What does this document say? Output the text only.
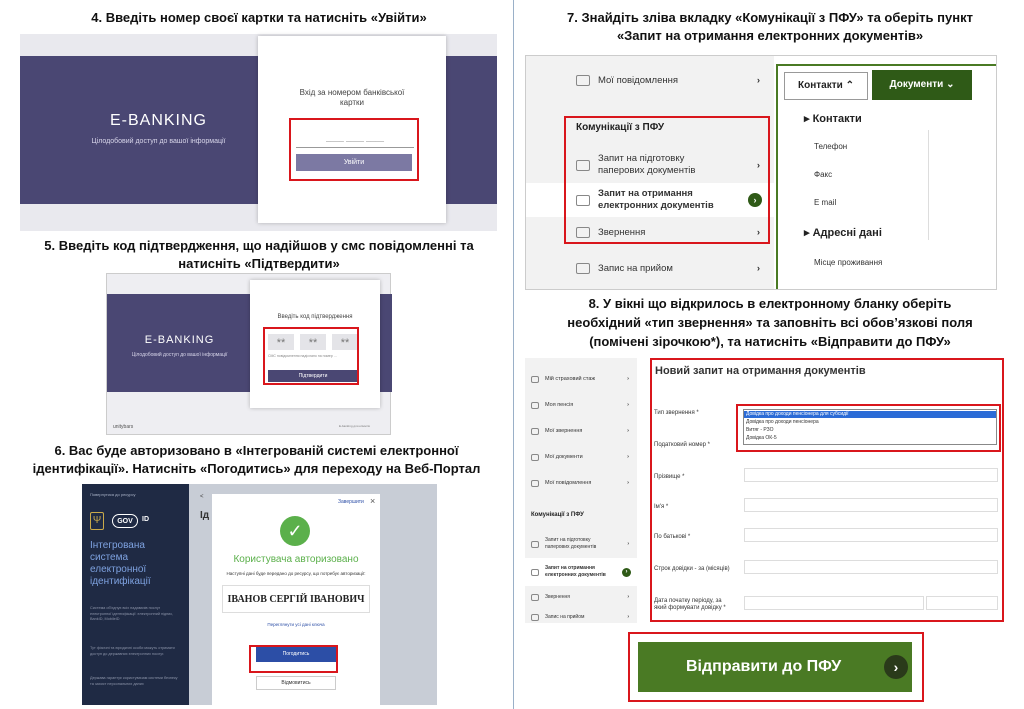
4. Введіть номер своєї картки та натисніть «Увійти»
5. Введіть код підтвердження, що надійшов у смс повідомленні та
натисніть «Підтвердити»
6. Вас буде авторизовано в «Інтегрованій системі електронної
ідентифікації». Натисніть «Погодитись» для переходу на Веб-Портал
7. Знайдіть зліва вкладку «Комунікації з ПФУ» та оберіть пункт
«Запит на отримання електронних документів»
8. У вікні що відкрилось в електронному бланку оберіть
необхідний «тип звернення» та заповніть всі обов’язкові поля
(помічені зірочкою*), та натисніть «Відправити до ПФУ»
E-BANKING
Цілодобовий доступ до вашої інформації
Вхід за номером банківської
картки
____ ____ ____
Увійти
E-BANKING
Цілодобовий доступ до вашої інформації
Введіть код підтвердження
**	**	**
СМС повідомлення надіслано на номер ...
Підтвердити
unitybars	E-banking для клієнтів
Повернутися до ресурсу
Ψ	GOV	ID
Інтегрована система електронної ідентифікації
Система об'єднує всіх надавачів послуг електронної ідентифікації: електронний підпис, BankID, MobileID
Тут фізичні та юридичні особи можуть отримати доступ до державних електронних послуг.
Держава гарантує користувачам системи безпеку та захист персональних даних
<
Ід
Завершити ×
✓
Користувача авторизовано
Наступні дані буде передано до ресурсу, що потребує авторизації:
ІВАНОВ СЕРГІЙ ІВАНОВИЧ
Переглянути усі дані ключа
Погодитись
Відмовитись
Мої повідомлення	›
Комунікації з ПФУ
Запит на підготовку
паперових документів	›
Запит на отримання
електронних документів	›
Звернення	›
Запис на прийом	›
Контакти ⌃	Документи ⌄
▸ Контакти
Телефон
Факс
E mail
▸ Адресні дані
Місце проживання
Мій страховий стаж	›
Моя пенсія	›
Мої звернення	›
Мої документи	›
Мої повідомлення	›
Комунікації з ПФУ
Запит на підготовку
паперових документів	›
Запит на отримання
електронних документів
›
Звернення	›
Запис на прийом	›
Новий запит на отримання документів
Тип звернення *
Податковий номер *
Прізвище *
Ім'я *
По батькові *
Строк довідки - за (місяців)
Дата початку періоду, за
який формувати довідку *
Довідка про доходи пенсіонера для субсидії
Довідка про доходи пенсіонера
Витяг - РЗО
Довідка ОК-5
Відправити до ПФУ	›
